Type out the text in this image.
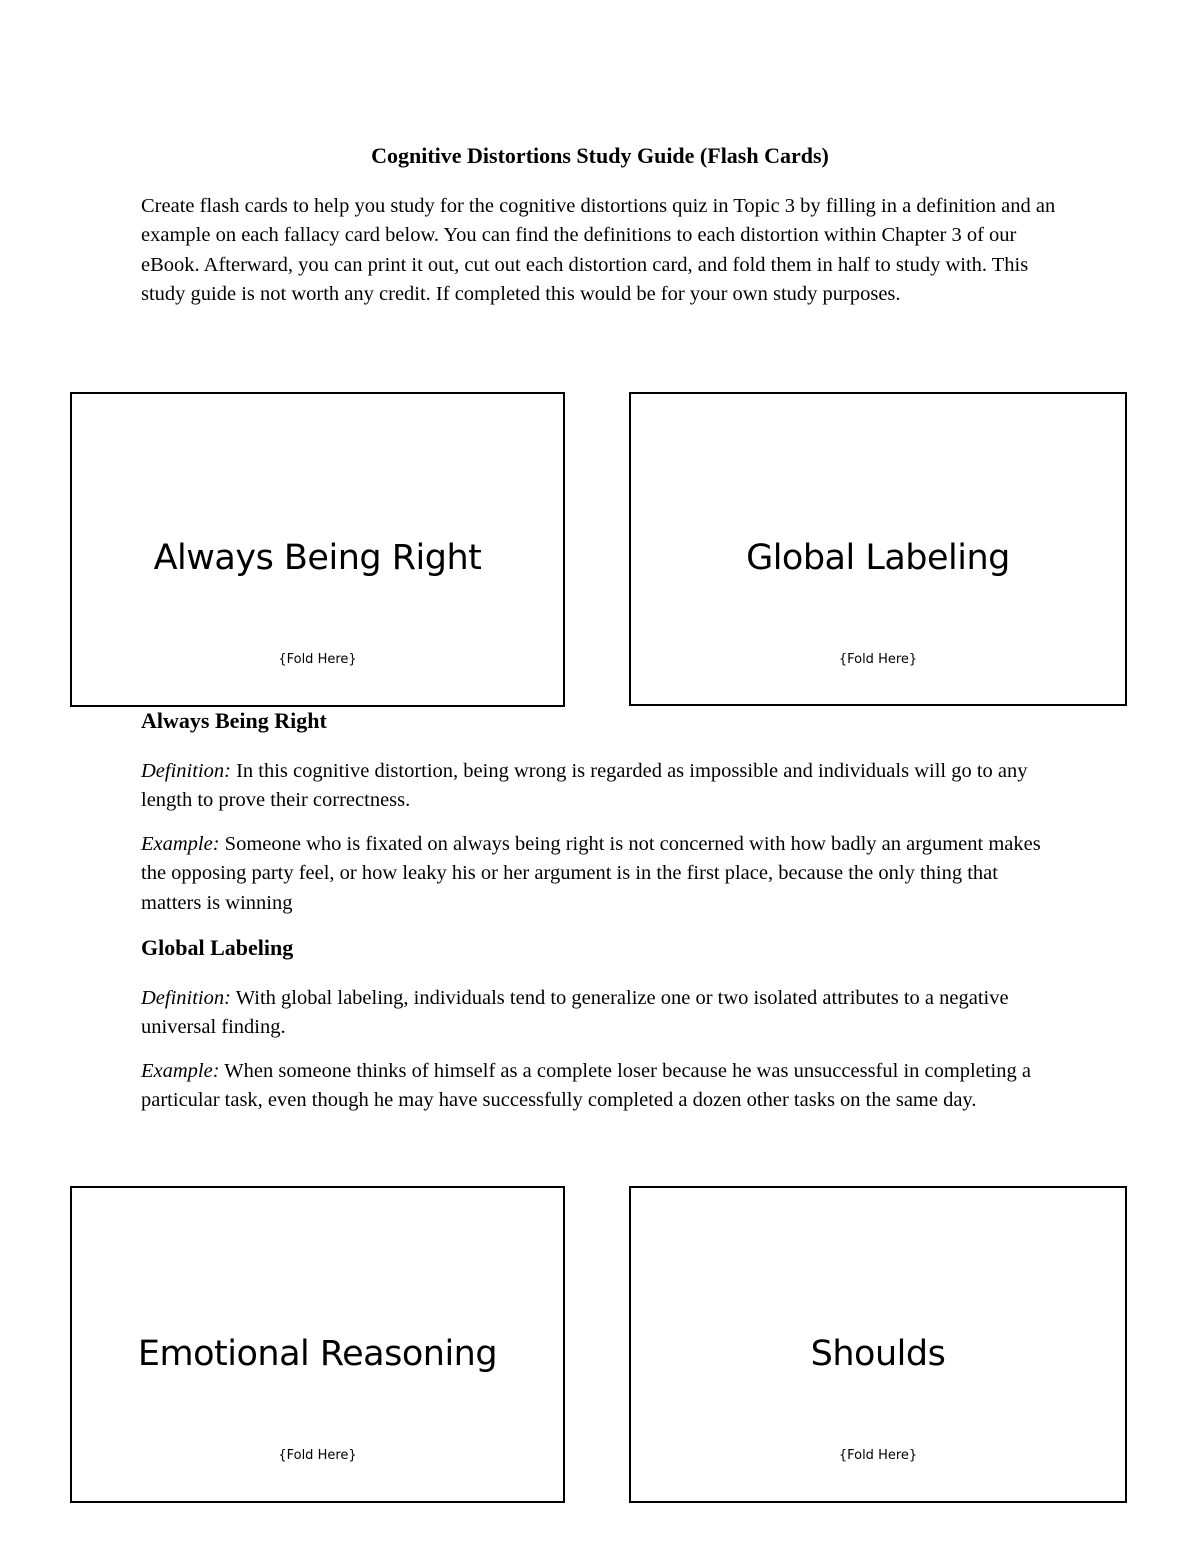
Cognitive Distortions Study Guide (Flash Cards)

Create flash cards to help you study for the cognitive distortions quiz in Topic 3 by filling in a definition and an example on each fallacy card below. You can find the definitions to each distortion within Chapter 3 of our eBook. Afterward, you can print it out, cut out each distortion card, and fold them in half to study with. This study guide is not worth any credit. If completed this would be for your own study purposes.

Always Being Right
{Fold Here}
Global Labeling
{Fold Here}
Always Being Right

Definition: In this cognitive distortion, being wrong is regarded as impossible and individuals will go to any length to prove their correctness.

Example: Someone who is fixated on always being right is not concerned with how badly an argument makes the opposing party feel, or how leaky his or her argument is in the first place, because the only thing that matters is winning

Global Labeling

Definition: With global labeling, individuals tend to generalize one or two isolated attributes to a negative universal finding.

Example: When someone thinks of himself as a complete loser because he was unsuccessful in completing a particular task, even though he may have successfully completed a dozen other tasks on the same day.

Emotional Reasoning
{Fold Here}
Shoulds
{Fold Here}
